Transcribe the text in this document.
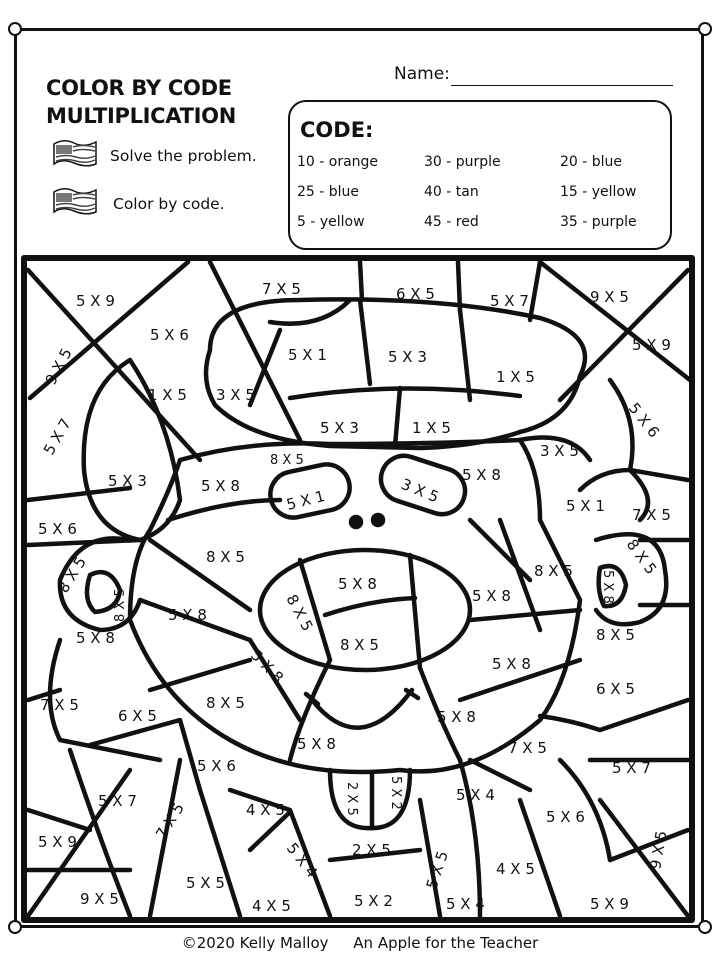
COLOR BY CODE
MULTIPLICATION
Solve the problem.
Color by code.
Name:
CODE:
10 - orange	30 - purple	20 - blue
25 - blue	40 - tan	15 - yellow
5 - yellow	45 - red	35 - purple
5 X 9
7 X 5	6 X 5	5 X 7	9 X 5
5 X 6
5 X 9
9 X 5	5 X 1	5 X 3
1 X 5
1 X 5
3 X 5
5 X 6
5 X 7	5 X 3	1 X 5
5 X 3
3 X 5
8 X 5
5 X 8
5 X 8
5 X 1	3 X 5	5 X 1 7 X 5
5 X 6
8 X 5
8 X 5
8 X 5
5 X 8
5 X 8
8 X 5
5 X 8
8 X 5
5 X 8
8 X 5
5 X 8
5 X 8
8 X 5
8 X 5
5 X 8
7 X 5
6 X 5
8 X 5
5 X 8
6 X 5
5 X 8	7 X 5
5 X 6	5 X 7
5 X 7 7 X 5	4 X 5	2 X 5 5 X 2	5 X 4
5 X 6
5 X 9	9 X 5
5 X 4 2 X 5 5 X 5	4 X 5
9 X 5
5 X 5
4 X 5	5 X 2	5 X 4	5 X 9
©2020 Kelly Malloy An Apple for the Teacher
